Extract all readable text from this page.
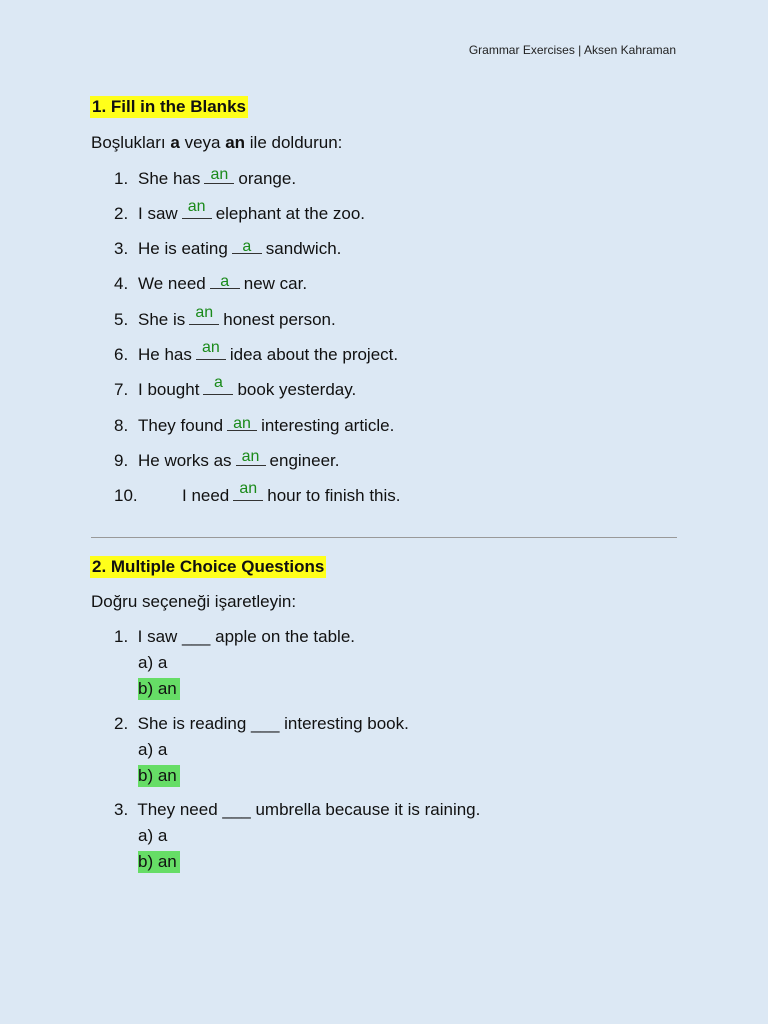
Grammar Exercises | Aksen Kahraman
1. Fill in the Blanks
Boşlukları a veya an ile doldurun:
1. She has an orange.
2. I saw an elephant at the zoo.
3. He is eating a sandwich.
4. We need a new car.
5. She is an honest person.
6. He has an idea about the project.
7. I bought a book yesterday.
8. They found an interesting article.
9. He works as an engineer.
10.	I need an hour to finish this.
2. Multiple Choice Questions
Doğru seçeneği işaretleyin:
1.  I saw ___ apple on the table.
a) a
b) an
2.  She is reading ___ interesting book.
a) a
b) an
3.  They need ___ umbrella because it is raining.
a) a
b) an
